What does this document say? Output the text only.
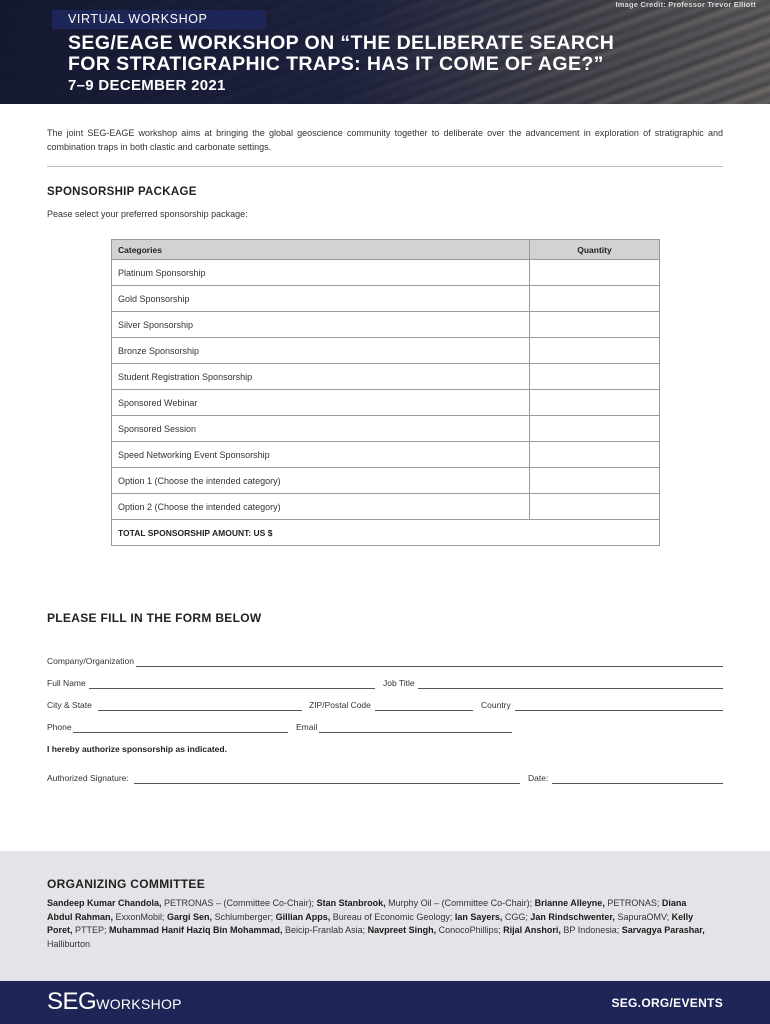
Image Credit: Professor Trevor Elliott
VIRTUAL WORKSHOP
SEG/EAGE WORKSHOP ON “THE DELIBERATE SEARCH
FOR STRATIGRAPHIC TRAPS: HAS IT COME OF AGE?”
7–9 DECEMBER 2021

The joint SEG-EAGE workshop aims at bringing the global geoscience community together to deliberate over the advancement in exploration of stratigraphic and combination traps in both clastic and carbonate settings.

SPONSORSHIP PACKAGE
Pease select your preferred sponsorship package:
Categories	Quantity
Platinum Sponsorship	
Gold Sponsorship	
Silver Sponsorship	
Bronze Sponsorship	
Student Registration Sponsorship	
Sponsored Webinar	
Sponsored Session	
Speed Networking Event Sponsorship	
Option 1 (Choose the intended category)	
Option 2 (Choose the intended category)	
TOTAL SPONSORSHIP AMOUNT: US $	
PLEASE FILL IN THE FORM BELOW
Company/Organization
Full Name	Job Title
City & State	ZIP/Postal Code	Country
Phone	Email
I hereby authorize sponsorship as indicated.
Authorized Signature:	Date:
ORGANIZING COMMITTEE
Sandeep Kumar Chandola, PETRONAS – (Committee Co-Chair); Stan Stanbrook, Murphy Oil – (Committee Co-Chair); Brianne Alleyne, PETRONAS; Diana Abdul Rahman, ExxonMobil; Gargi Sen, Schlumberger; Gillian Apps, Bureau of Economic Geology; Ian Sayers, CGG; Jan Rindschwenter, SapuraOMV; Kelly Poret, PTTEP; Muhammad Hanif Haziq Bin Mohammad, Beicip-Franlab Asia; Navpreet Singh, ConocoPhillips; Rijal Anshori, BP Indonesia; Sarvagya Parashar, Halliburton
SEGWORKSHOP	SEG.ORG/EVENTS
